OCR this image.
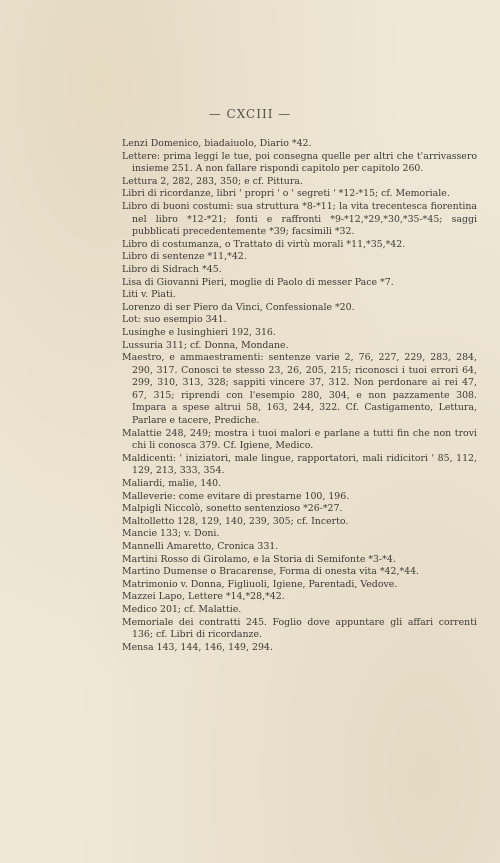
— CXCIII —

Lenzi Domenico, biadaiuolo, Diario *42.

Lettere: prima leggi le tue, poi consegna quelle per altri che t'arrivassero insieme 251. A non fallare rispondi capitolo per capitolo 260.

Lettura 2, 282, 283, 350; e cf. Pittura.

Libri di ricordanze, libri ' propri ' o ' segreti ' *12-*15; cf. Memoriale.

Libro di buoni costumi: sua struttura *8-*11; la vita trecentesca fiorentina nel libro *12-*21; fonti e raffronti *9-*12,*29,*30,*35-*45; saggi pubblicati precedentemente *39; facsimili *32.

Libro di costumanza, o Trattato di virtù morali *11,*35,*42.

Libro di sentenze *11,*42.

Libro di Sidrach *45.

Lisa di Giovanni Pieri, moglie di Paolo di messer Pace *7.

Liti v. Piati.

Lorenzo di ser Piero da Vinci, Confessionale *20.

Lot: suo esempio 341.

Lusinghe e lusinghieri 192, 316.

Lussuria 311; cf. Donna, Mondane.

Maestro, e ammaestramenti: sentenze varie 2, 76, 227, 229, 283, 284, 290, 317. Conosci te stesso 23, 26, 205, 215; riconosci i tuoi errori 64, 299, 310, 313, 328; sappiti vincere 37, 312. Non perdonare ai rei 47, 67, 315; riprendi con l'esempio 280, 304, e non pazzamente 308. Impara a spese altrui 58, 163, 244, 322. Cf. Castigamento, Lettura, Parlare e tacere, Prediche.

Malattie 248, 249; mostra i tuoi malori e parlane a tutti fin che non trovi chi li conosca 379. Cf. Igiene, Medico.

Maldicenti: ' iniziatori, male lingue, rapportatori, mali ridicitori ' 85, 112, 129, 213, 333, 354.

Maliardi, malie, 140.

Malleverie: come evitare di prestarne 100, 196.

Malpigli Niccolò, sonetto sentenzioso *26-*27.

Maltolletto 128, 129, 140, 239, 305; cf. Incerto.

Mancie 133; v. Doni.

Mannelli Amaretto, Cronica 331.

Martini Rosso di Girolamo, e la Storia di Semifonte *3-*4.

Martino Dumense o Bracarense, Forma di onesta vita *42,*44.

Matrimonio v. Donna, Figliuoli, Igiene, Parentadi, Vedove.

Mazzei Lapo, Lettere *14,*28,*42.

Medico 201; cf. Malattie.

Memoriale dei contratti 245. Foglio dove appuntare gli affari correnti 136; cf. Libri di ricordanze.

Mensa 143, 144, 146, 149, 294.
